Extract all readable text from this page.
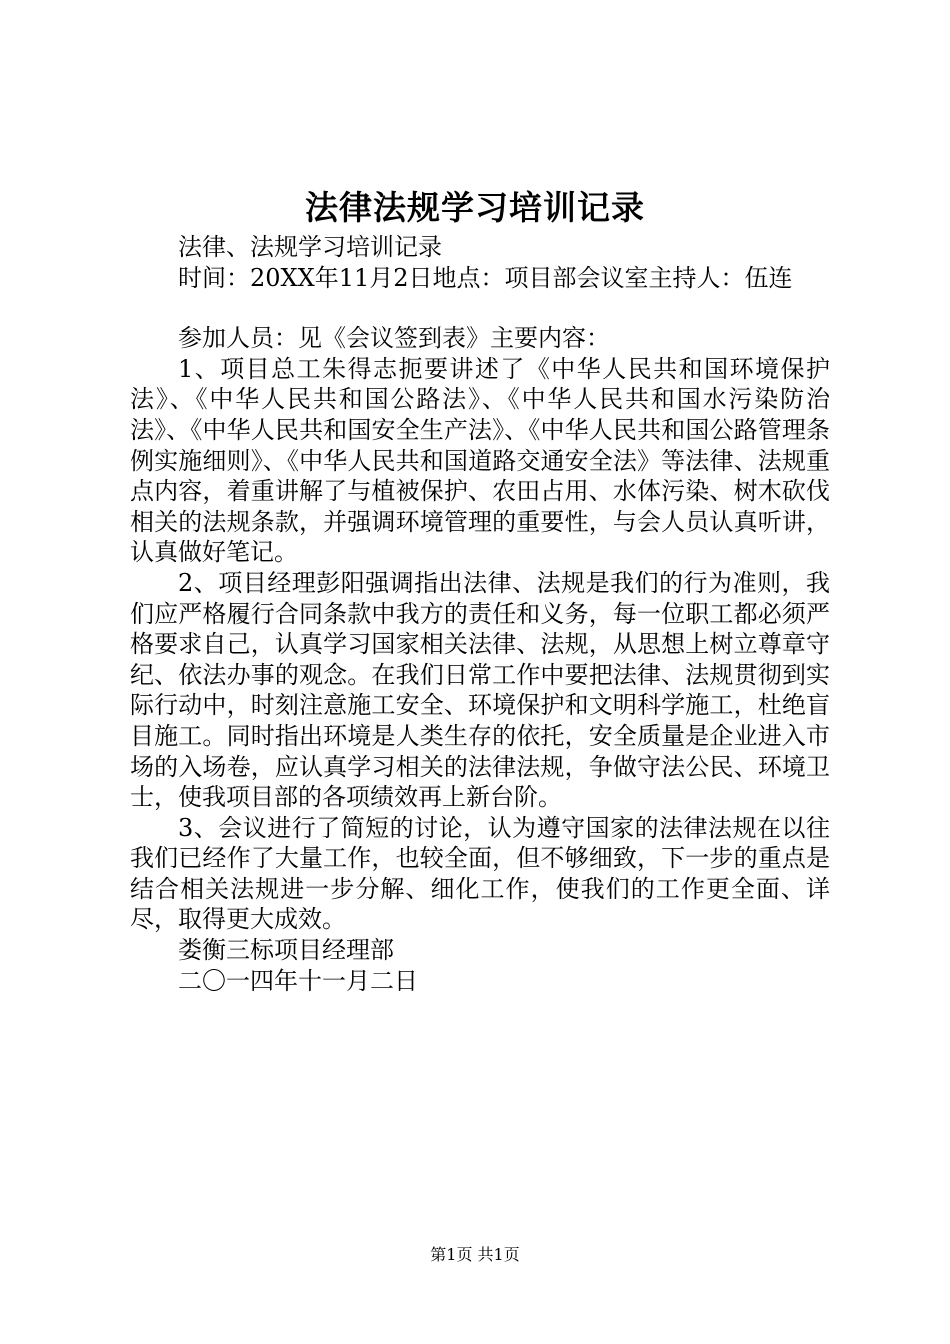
法律法规学习培训记录

法律、法规学习培训记录

时间：20XX年11月2日地点：项目部会议室主持人：伍连

参加人员：见《会议签到表》主要内容：

1、项目总工朱得志扼要讲述了《中华人民共和国环境保护法》、《中华人民共和国公路法》、《中华人民共和国水污染防治法》、《中华人民共和国安全生产法》、《中华人民共和国公路管理条例实施细则》、《中华人民共和国道路交通安全法》等法律、法规重点内容，着重讲解了与植被保护、农田占用、水体污染、树木砍伐相关的法规条款，并强调环境管理的重要性，与会人员认真听讲，认真做好笔记。

2、项目经理彭阳强调指出法律、法规是我们的行为准则，我们应严格履行合同条款中我方的责任和义务，每一位职工都必须严格要求自己，认真学习国家相关法律、法规，从思想上树立尊章守纪、依法办事的观念。在我们日常工作中要把法律、法规贯彻到实际行动中，时刻注意施工安全、环境保护和文明科学施工，杜绝盲目施工。同时指出环境是人类生存的依托，安全质量是企业进入市场的入场卷，应认真学习相关的法律法规，争做守法公民、环境卫士，使我项目部的各项绩效再上新台阶。

3、会议进行了简短的讨论，认为遵守国家的法律法规在以往我们已经作了大量工作，也较全面，但不够细致，下一步的重点是结合相关法规进一步分解、细化工作，使我们的工作更全面、详尽，取得更大成效。

娄衡三标项目经理部

二〇一四年十一月二日

第1页 共1页
